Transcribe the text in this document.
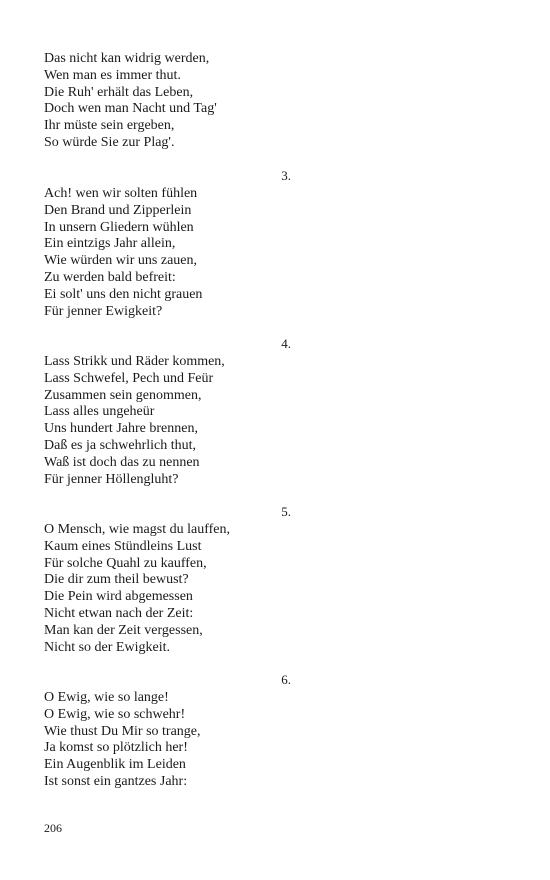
Das nicht kan widrig werden,
Wen man es immer thut.
Die Ruh' erhält das Leben,
Doch wen man Nacht und Tag'
Ihr müste sein ergeben,
So würde Sie zur Plag'.
3.
Ach! wen wir solten fühlen
Den Brand und Zipperlein
In unsern Gliedern wühlen
Ein eintzigs Jahr allein,
Wie würden wir uns zauen,
Zu werden bald befreit:
Ei solt' uns den nicht grauen
Für jenner Ewigkeit?
4.
Lass Strikk und Räder kommen,
Lass Schwefel, Pech und Feür
Zusammen sein genommen,
Lass alles ungeheür
Uns hundert Jahre brennen,
Daß es ja schwehrlich thut,
Waß ist doch das zu nennen
Für jenner Höllengluht?
5.
O Mensch, wie magst du lauffen,
Kaum eines Stündleins Lust
Für solche Quahl zu kauffen,
Die dir zum theil bewust?
Die Pein wird abgemessen
Nicht etwan nach der Zeit:
Man kan der Zeit vergessen,
Nicht so der Ewigkeit.
6.
O Ewig, wie so lange!
O Ewig, wie so schwehr!
Wie thust Du Mir so trange,
Ja komst so plötzlich her!
Ein Augenblik im Leiden
Ist sonst ein gantzes Jahr:
206
